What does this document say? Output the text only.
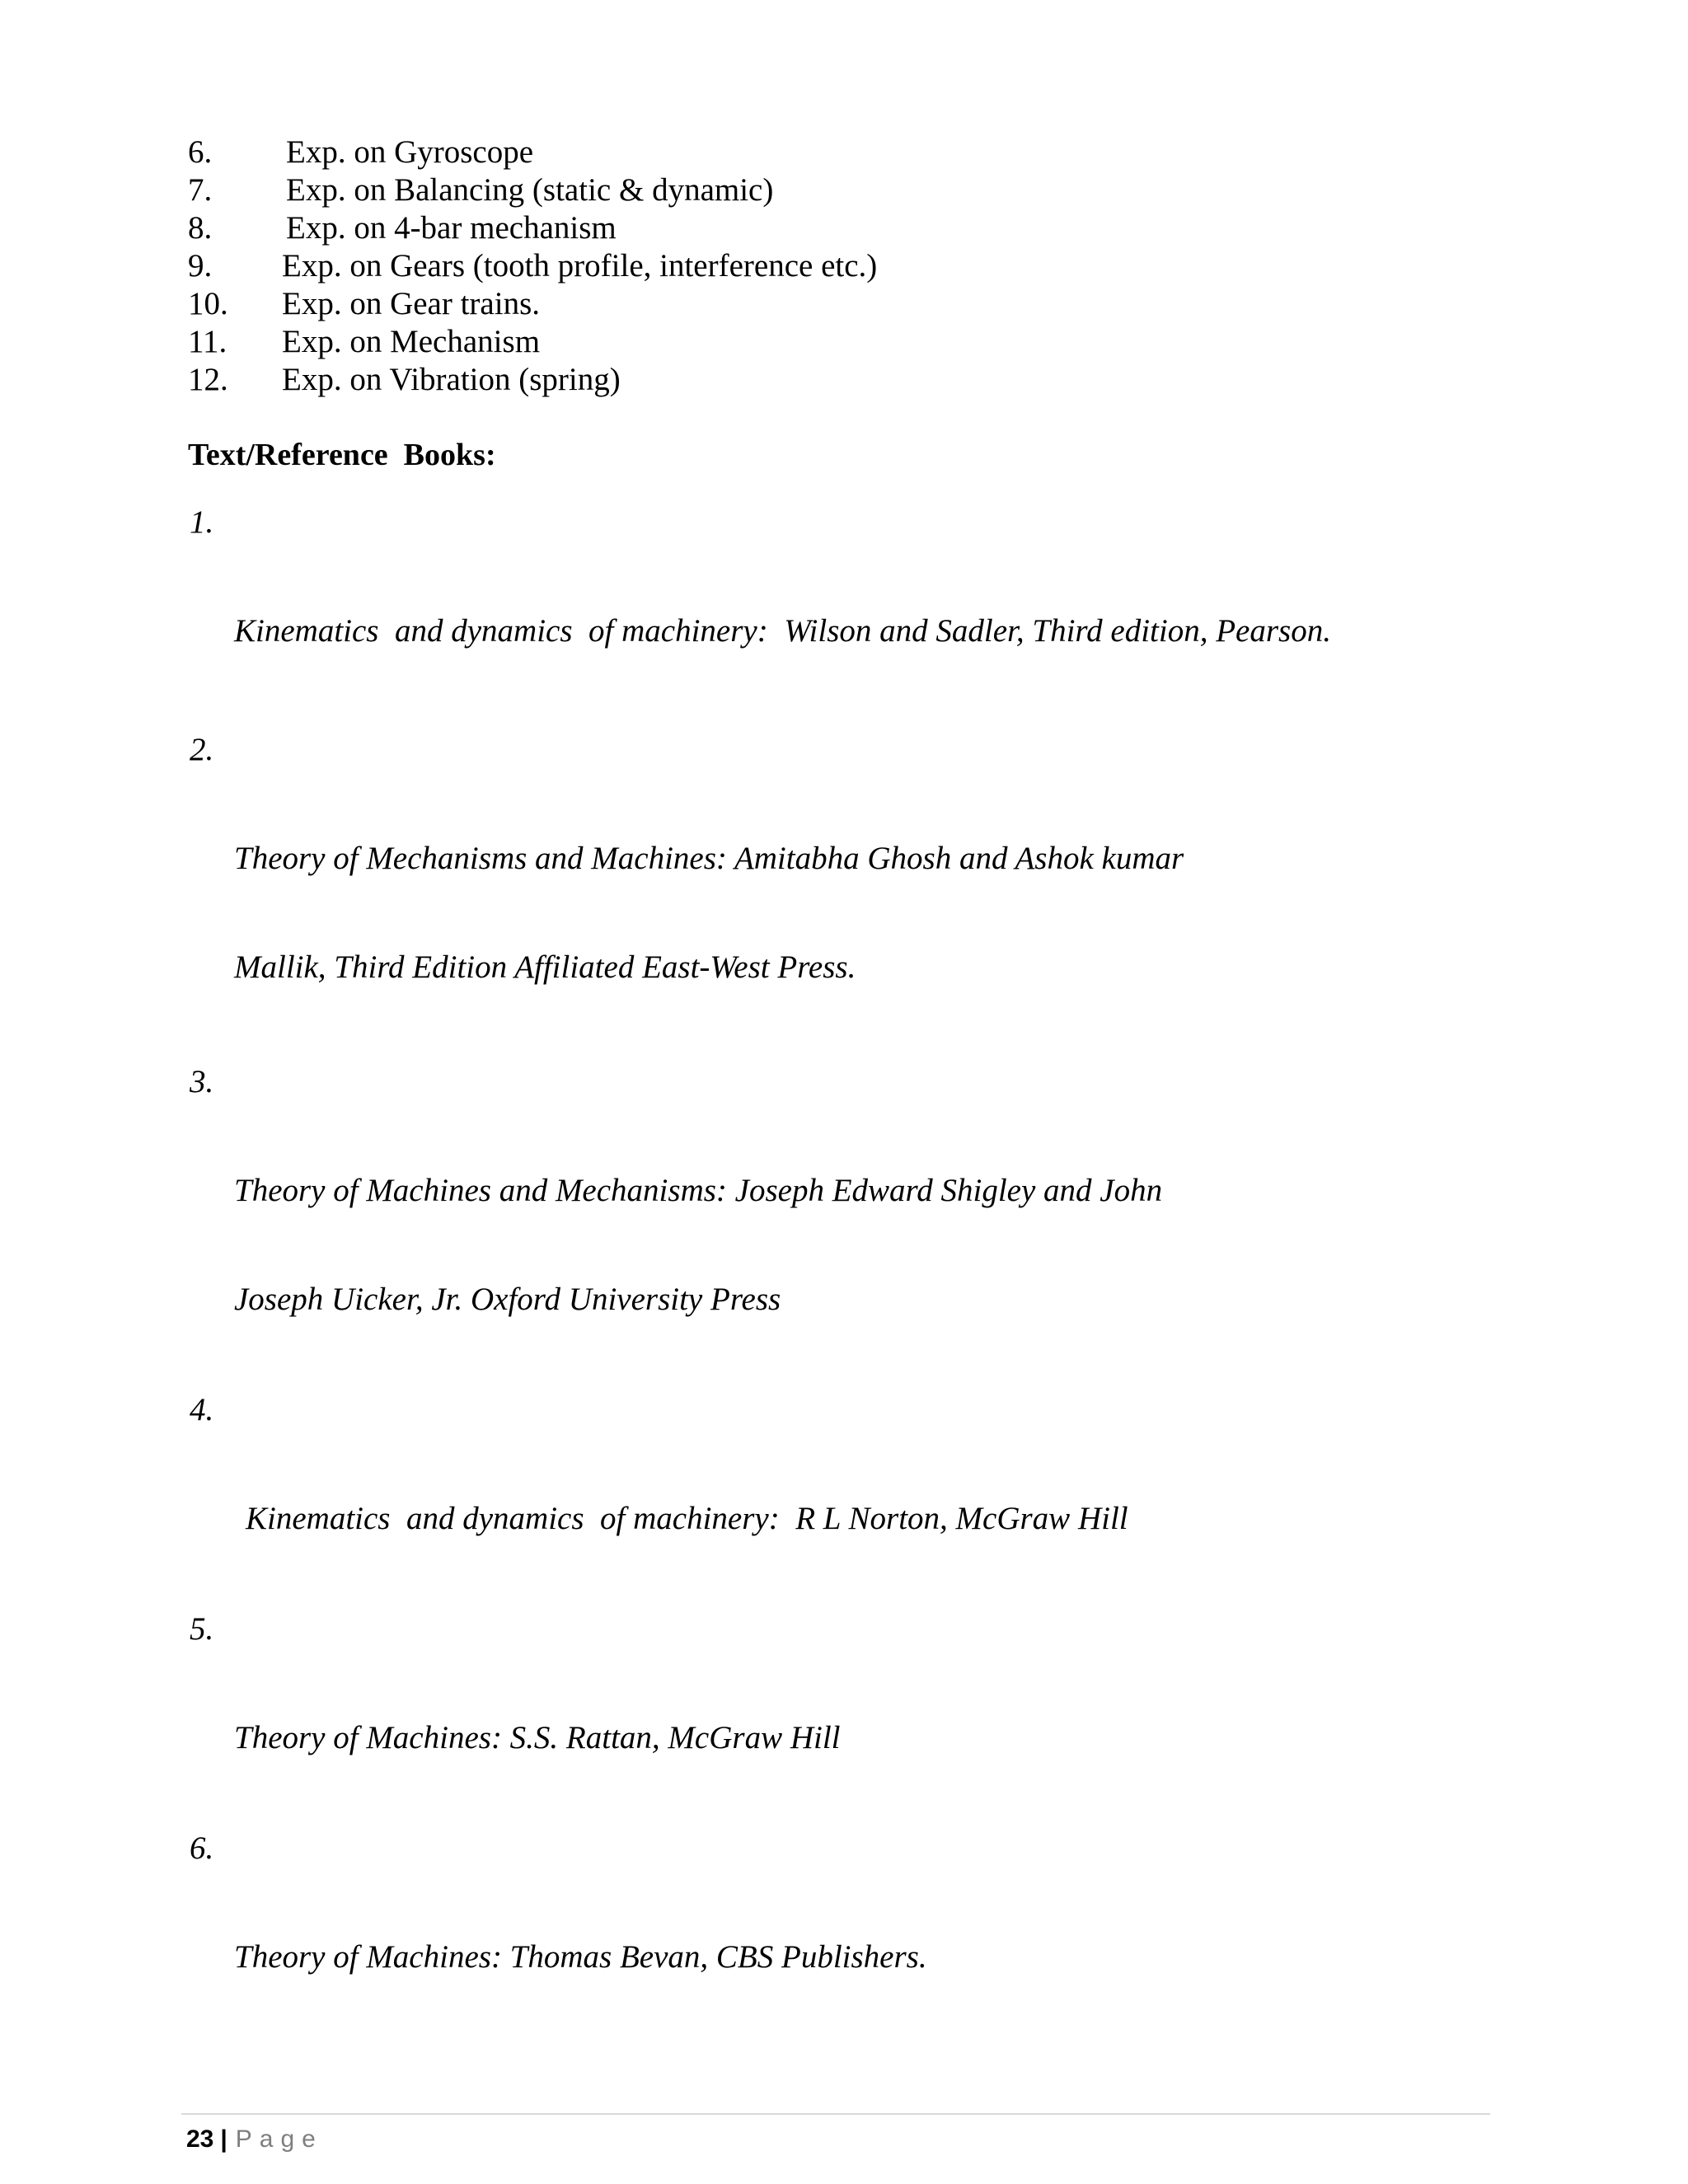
6. Exp. on Gyroscope
7. Exp. on Balancing (static & dynamic)
8. Exp. on 4-bar mechanism
9. Exp. on Gears (tooth profile, interference etc.)
10. Exp. on Gear trains.
11. Exp. on Mechanism
12. Exp. on Vibration (spring)
Text/Reference  Books:

1.

Kinematics  and dynamics  of machinery:  Wilson and Sadler, Third edition, Pearson.

2.

Theory of Mechanisms and Machines: Amitabha Ghosh and Ashok kumar

Mallik, Third Edition Affiliated East-West Press.

3.

Theory of Machines and Mechanisms: Joseph Edward Shigley and John

Joseph Uicker, Jr. Oxford University Press

4.

Kinematics  and dynamics  of machinery:  R L Norton, McGraw Hill

5.

Theory of Machines: S.S. Rattan, McGraw Hill

6.

Theory of Machines: Thomas Bevan, CBS Publishers.

23 | Page
